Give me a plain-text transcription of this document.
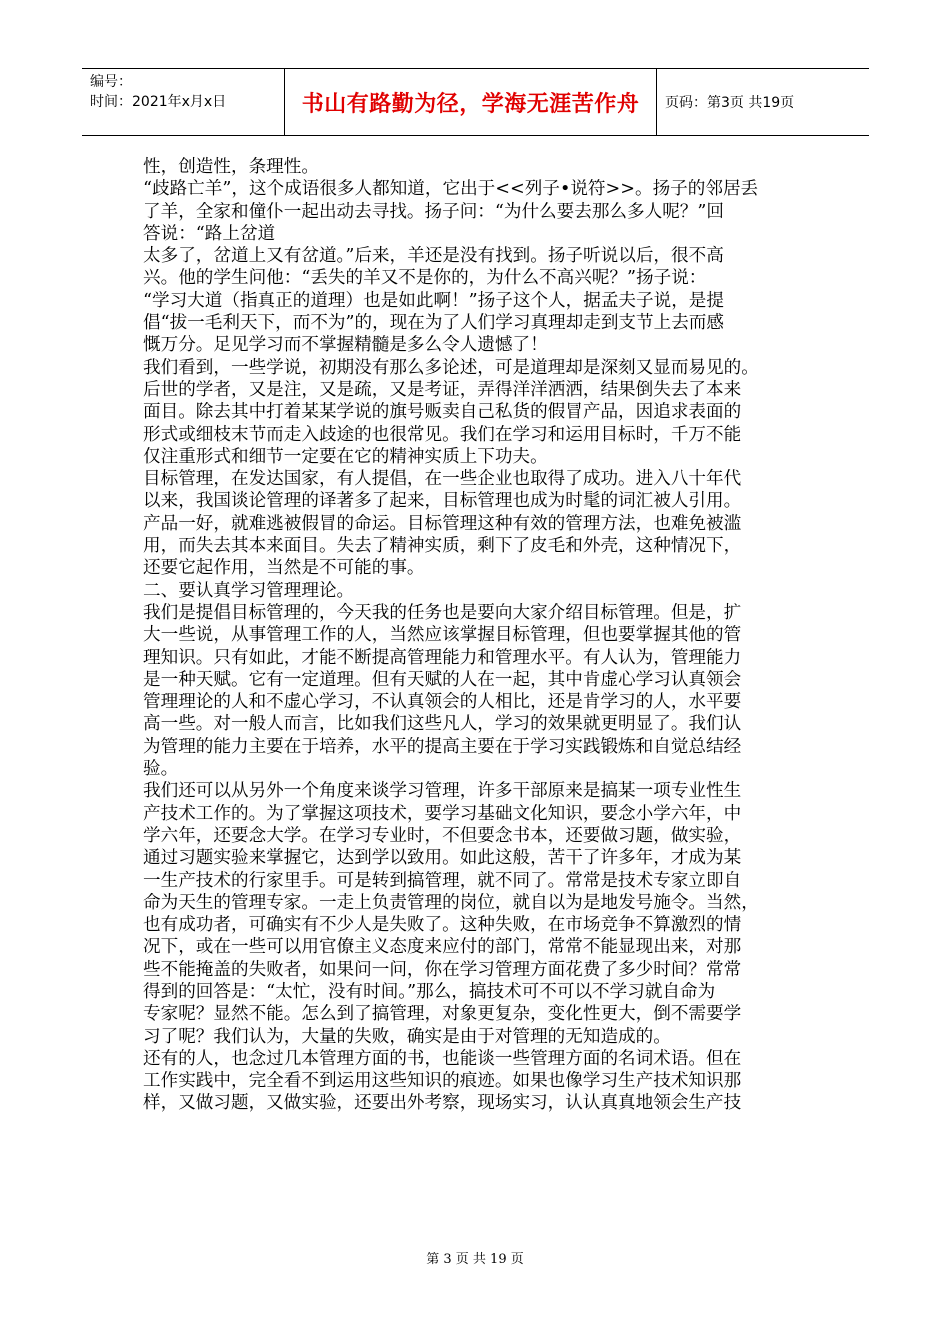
编号：
时间：2021年x月x日	书山有路勤为径，学海无涯苦作舟 页码：第3页 共19页
性，创造性，条理性。
“歧路亡羊”，这个成语很多人都知道，它出于<<列子•说符>>。扬子的邻居丢
了羊，全家和僮仆一起出动去寻找。扬子问：“为什么要去那么多人呢？”回
答说：“路上岔道
太多了，岔道上又有岔道。”后来，羊还是没有找到。扬子听说以后，很不高
兴。他的学生问他：“丢失的羊又不是你的，为什么不高兴呢？”扬子说：
“学习大道（指真正的道理）也是如此啊！”扬子这个人，据孟夫子说，是提
倡“拔一毛利天下，而不为”的，现在为了人们学习真理却走到支节上去而感
慨万分。足见学习而不掌握精髓是多么令人遗憾了！
我们看到，一些学说，初期没有那么多论述，可是道理却是深刻又显而易见的。
后世的学者，又是注，又是疏，又是考证，弄得洋洋洒洒，结果倒失去了本来
面目。除去其中打着某某学说的旗号贩卖自己私货的假冒产品，因追求表面的
形式或细枝末节而走入歧途的也很常见。我们在学习和运用目标时，千万不能
仅注重形式和细节一定要在它的精神实质上下功夫。
目标管理，在发达国家，有人提倡，在一些企业也取得了成功。进入八十年代
以来，我国谈论管理的译著多了起来，目标管理也成为时髦的词汇被人引用。
产品一好，就难逃被假冒的命运。目标管理这种有效的管理方法，也难免被滥
用，而失去其本来面目。失去了精神实质，剩下了皮毛和外壳，这种情况下，
还要它起作用，当然是不可能的事。
二、要认真学习管理理论。
我们是提倡目标管理的，今天我的任务也是要向大家介绍目标管理。但是，扩
大一些说，从事管理工作的人，当然应该掌握目标管理，但也要掌握其他的管
理知识。只有如此，才能不断提高管理能力和管理水平。有人认为，管理能力
是一种天赋。它有一定道理。但有天赋的人在一起，其中肯虚心学习认真领会
管理理论的人和不虚心学习，不认真领会的人相比，还是肯学习的人，水平要
高一些。对一般人而言，比如我们这些凡人，学习的效果就更明显了。我们认
为管理的能力主要在于培养，水平的提高主要在于学习实践锻炼和自觉总结经
验。
我们还可以从另外一个角度来谈学习管理，许多干部原来是搞某一项专业性生
产技术工作的。为了掌握这项技术，要学习基础文化知识，要念小学六年，中
学六年，还要念大学。在学习专业时，不但要念书本，还要做习题，做实验，
通过习题实验来掌握它，达到学以致用。如此这般，苦干了许多年，才成为某
一生产技术的行家里手。可是转到搞管理，就不同了。常常是技术专家立即自
命为天生的管理专家。一走上负责管理的岗位，就自以为是地发号施令。当然，
也有成功者，可确实有不少人是失败了。这种失败，在市场竞争不算激烈的情
况下，或在一些可以用官僚主义态度来应付的部门，常常不能显现出来，对那
些不能掩盖的失败者，如果问一问，你在学习管理方面花费了多少时间？常常
得到的回答是：“太忙，没有时间。”那么，搞技术可不可以不学习就自命为
专家呢？显然不能。怎么到了搞管理，对象更复杂，变化性更大，倒不需要学
习了呢？我们认为，大量的失败，确实是由于对管理的无知造成的。
还有的人，也念过几本管理方面的书，也能谈一些管理方面的名词术语。但在
工作实践中，完全看不到运用这些知识的痕迹。如果也像学习生产技术知识那
样，又做习题，又做实验，还要出外考察，现场实习，认认真真地领会生产技
第 3 页 共 19 页
